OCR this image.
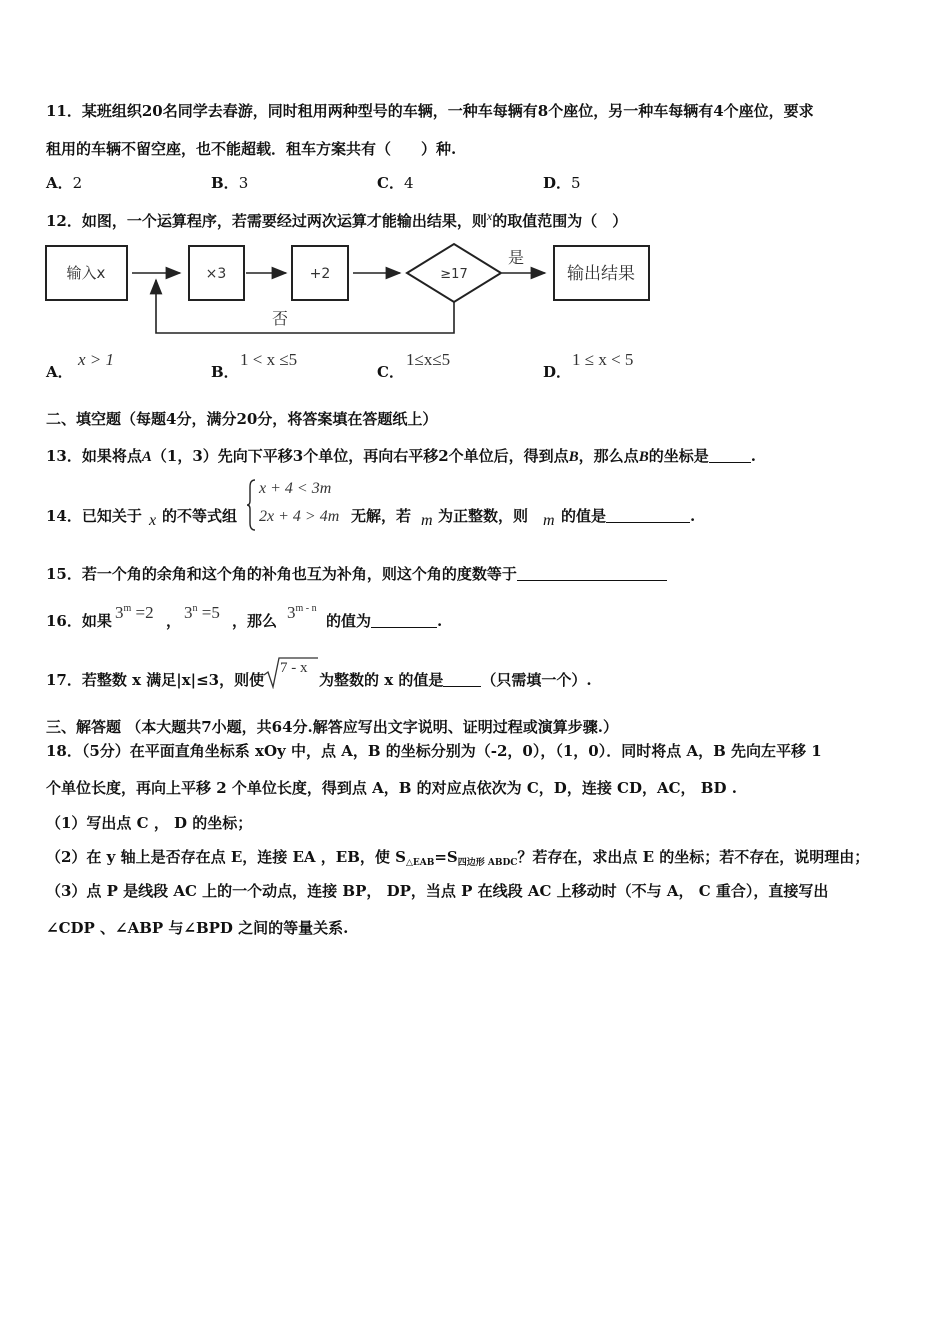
11．某班组织20名同学去春游，同时租用两种型号的车辆，一种车每辆有8个座位，另一种车每辆有4个座位，要求
租用的车辆不留空座，也不能超载．租车方案共有（　　）种.
A．2	B．3	C．4	D．5
12．如图，一个运算程序，若需要经过两次运算才能输出结果，则$^x$的取值范围为（　）
输入x	×3	+2	≥17
是
输出结果
否
A．
x > 1
B．
1 < x ≤5
C．
1≤x≤5
D．
1 ≤ x < 5
二、填空题（每题4分，满分20分，将答案填在答题纸上）
13．如果将点A（1，3）先向下平移3个单位，再向右平移2个单位后，得到点B，那么点B的坐标是	.
14．已知关于 x 的不等式组
x + 4 < 3m
2x + 4 > 4m 无解，若 m 为正整数，则 m 的值是	.
15．若一个角的余角和这个角的补角也互为补角，则这个角的度数等于
16．如果 $3^m =2$ ， $3^n =5$ ，那么 3$^{m - n}$
的值为	.
17．若整数 x 满足|x|≤3，则使
7 - x
为整数的 x 的值是	（只需填一个）.
三、解答题 （本大题共7小题，共64分.解答应写出文字说明、证明过程或演算步骤.）
18．（5分）在平面直角坐标系 xOy 中，点 A，B 的坐标分别为（-2，0），（1，0）．同时将点 A，B 先向左平移 1
个单位长度，再向上平移 2 个单位长度，得到点 A，B 的对应点依次为 C，D，连接 CD，AC， BD .
（1）写出点 C ， D 的坐标；
（2）在 y 轴上是否存在点 E，连接 EA ，EB，使 $S_{\triangle EAB}=S_{四边形 ABDC}$？若存在，求出点 E 的坐标；若不存在，说明理由；
（3）点 P 是线段 AC 上的一个动点，连接 BP， DP，当点 P 在线段 AC 上移动时（不与 A， C 重合），直接写出
∠CDP 、∠ABP 与∠BPD 之间的等量关系.
